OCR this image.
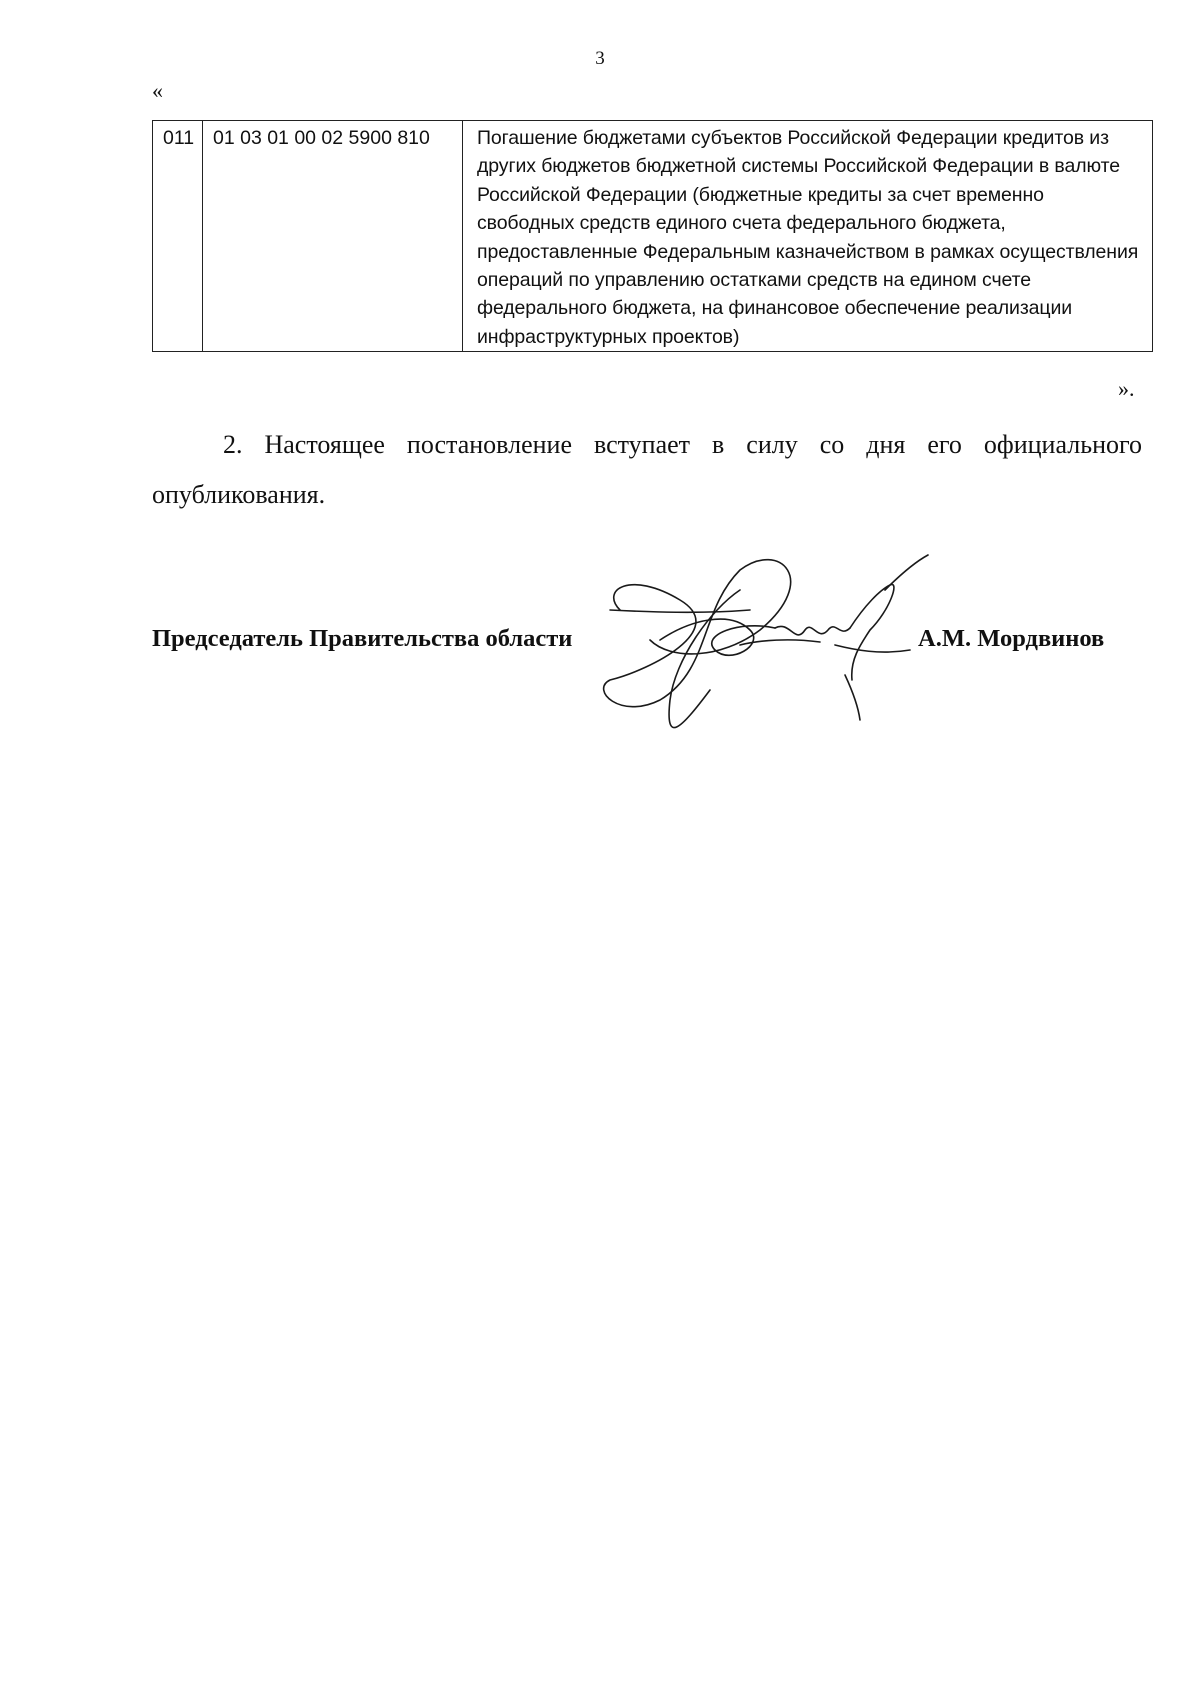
3
«
011	01 03 01 00 02 5900 810	Погашение бюджетами субъектов Российской Федерации кредитов из других бюджетов бюджетной системы Российской Федерации в валюте Российской Федерации (бюджетные кредиты за счет временно свободных средств единого счета федерального бюджета, предоставленные Федеральным казначейством в рамках осуществления операций по управлению остатками средств на едином счете федерального бюджета, на финансовое обеспечение реализации инфраструктурных проектов)
».
2. Настоящее постановление вступает в силу со дня его официального опубликования.
Председатель Правительства области	А.М. Мордвинов
